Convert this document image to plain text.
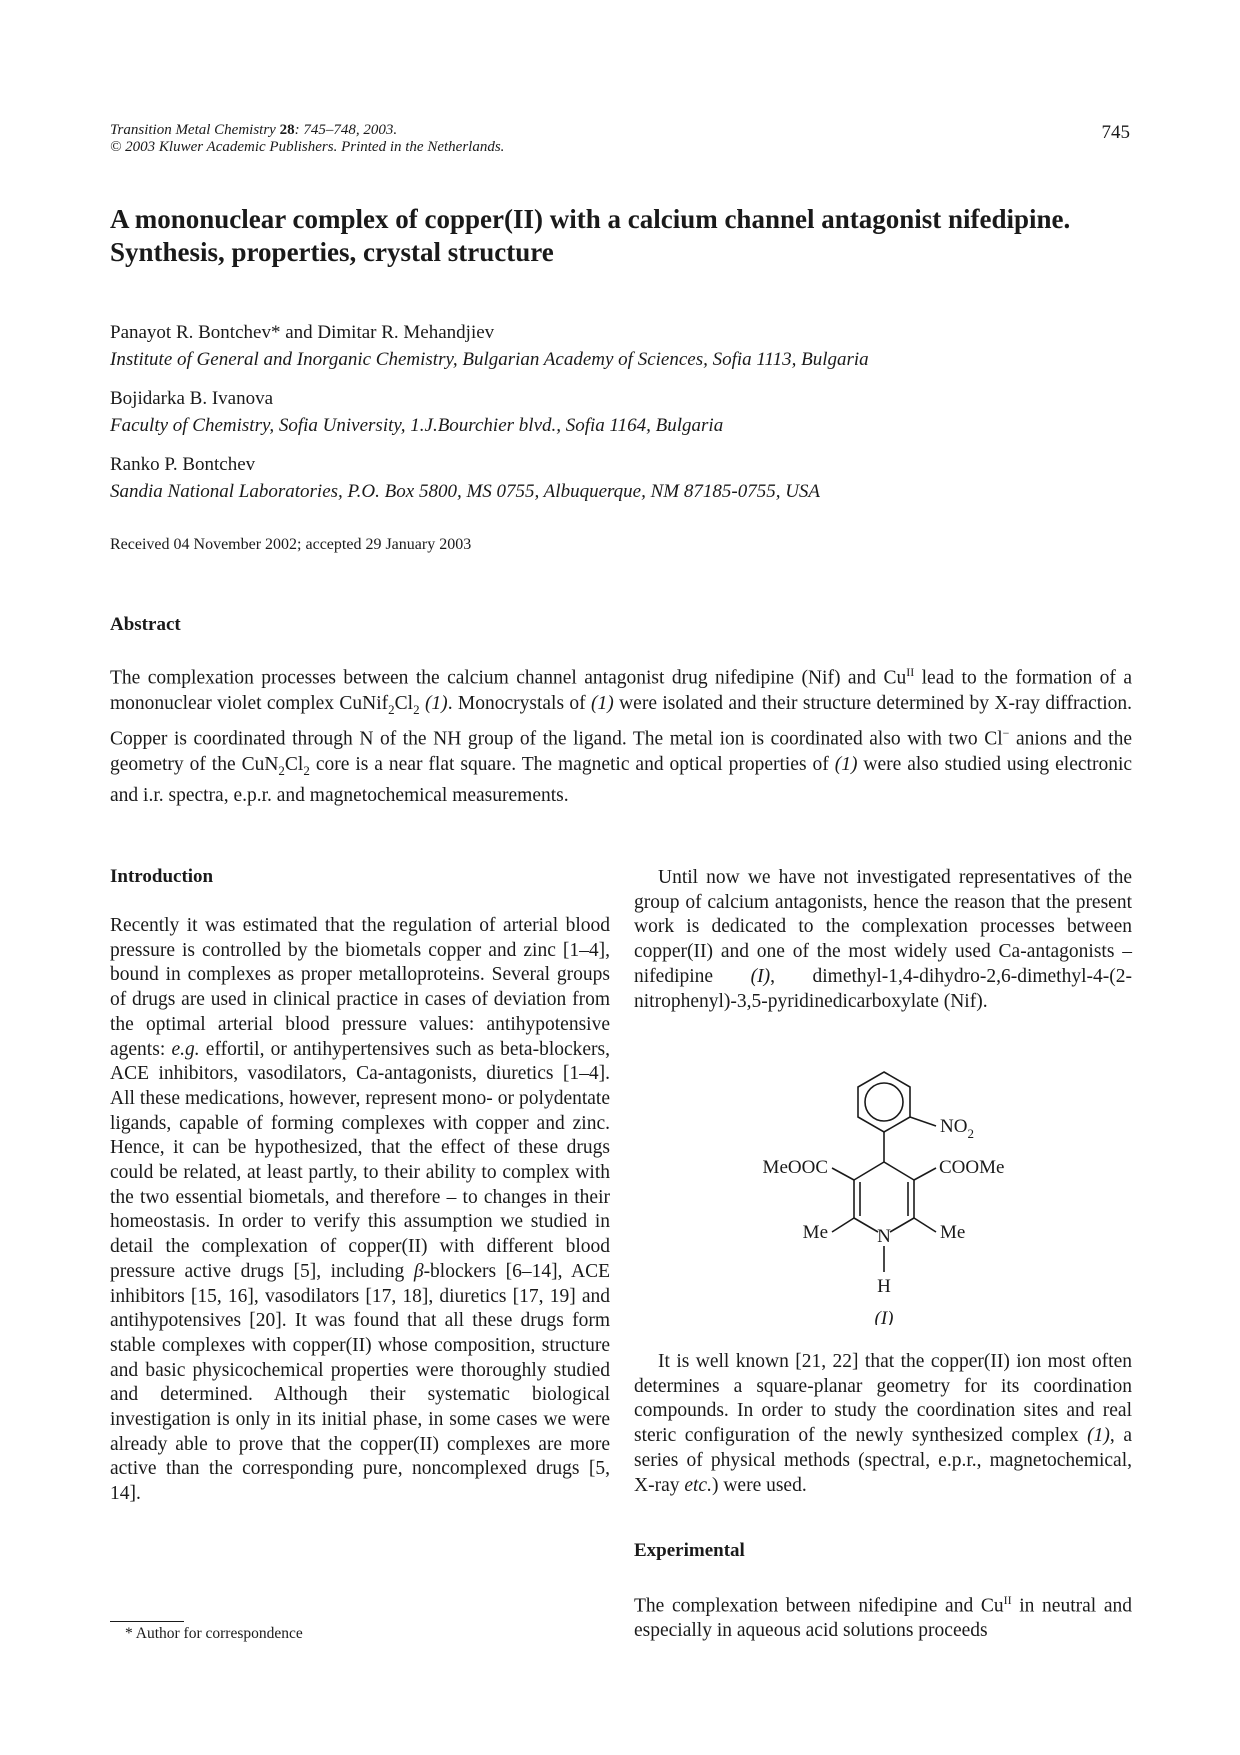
Transition Metal Chemistry 28: 745–748, 2003.
© 2003 Kluwer Academic Publishers. Printed in the Netherlands.
745
A mononuclear complex of copper(II) with a calcium channel antagonist nifedipine.
Synthesis, properties, crystal structure
Panayot R. Bontchev* and Dimitar R. Mehandjiev
Institute of General and Inorganic Chemistry, Bulgarian Academy of Sciences, Sofia 1113, Bulgaria
Bojidarka B. Ivanova
Faculty of Chemistry, Sofia University, 1.J.Bourchier blvd., Sofia 1164, Bulgaria
Ranko P. Bontchev
Sandia National Laboratories, P.O. Box 5800, MS 0755, Albuquerque, NM 87185-0755, USA
Received 04 November 2002; accepted 29 January 2003
Abstract
The complexation processes between the calcium channel antagonist drug nifedipine (Nif) and $Cu^{II}$ lead to the formation of a mononuclear violet complex $CuNif_2Cl_2$ (1). Monocrystals of (1) were isolated and their structure determined by X-ray diffraction. Copper is coordinated through N of the NH group of the ligand. The metal ion is coordinated also with two Cl− anions and the geometry of the $CuN_2Cl_2$ core is a near flat square. The magnetic and optical properties of (1) were also studied using electronic and i.r. spectra, e.p.r. and magnetochemical measurements.
Introduction
Recently it was estimated that the regulation of arterial blood pressure is controlled by the biometals copper and zinc [1–4], bound in complexes as proper metalloproteins. Several groups of drugs are used in clinical practice in cases of deviation from the optimal arterial blood pressure values: antihypotensive agents: e.g. effortil, or antihypertensives such as beta-blockers, ACE inhibitors, vasodilators, Ca-antagonists, diuretics [1–4]. All these medications, however, represent mono- or polydentate ligands, capable of forming complexes with copper and zinc. Hence, it can be hypothesized, that the effect of these drugs could be related, at least partly, to their ability to complex with the two essential biometals, and therefore – to changes in their homeostasis. In order to verify this assumption we studied in detail the complexation of copper(II) with different blood pressure active drugs [5], including β-blockers [6–14], ACE inhibitors [15, 16], vasodilators [17, 18], diuretics [17, 19] and antihypotensives [20]. It was found that all these drugs form stable complexes with copper(II) whose composition, structure and basic physicochemical properties were thoroughly studied and determined. Although their systematic biological investigation is only in its initial phase, in some cases we were already able to prove that the copper(II) complexes are more active than the corresponding pure, noncomplexed drugs [5, 14].

Until now we have not investigated representatives of the group of calcium antagonists, hence the reason that the present work is dedicated to the complexation processes between copper(II) and one of the most widely used Ca-antagonists – nifedipine (I), dimethyl-1,4-dihydro-2,6-dimethyl-4-(2-nitrophenyl)-3,5-pyridinedicarboxylate (Nif).

$NO_2$
MeOOC	COOMe
Me	Me
N
H
(I)

It is well known [21, 22] that the copper(II) ion most often determines a square-planar geometry for its coordination compounds. In order to study the coordination sites and real steric configuration of the newly synthesized complex (1), a series of physical methods (spectral, e.p.r., magnetochemical, X-ray etc.) were used.

Experimental

The complexation between nifedipine and $Cu^{II}$ in neutral and especially in aqueous acid solutions proceeds

* Author for correspondence
